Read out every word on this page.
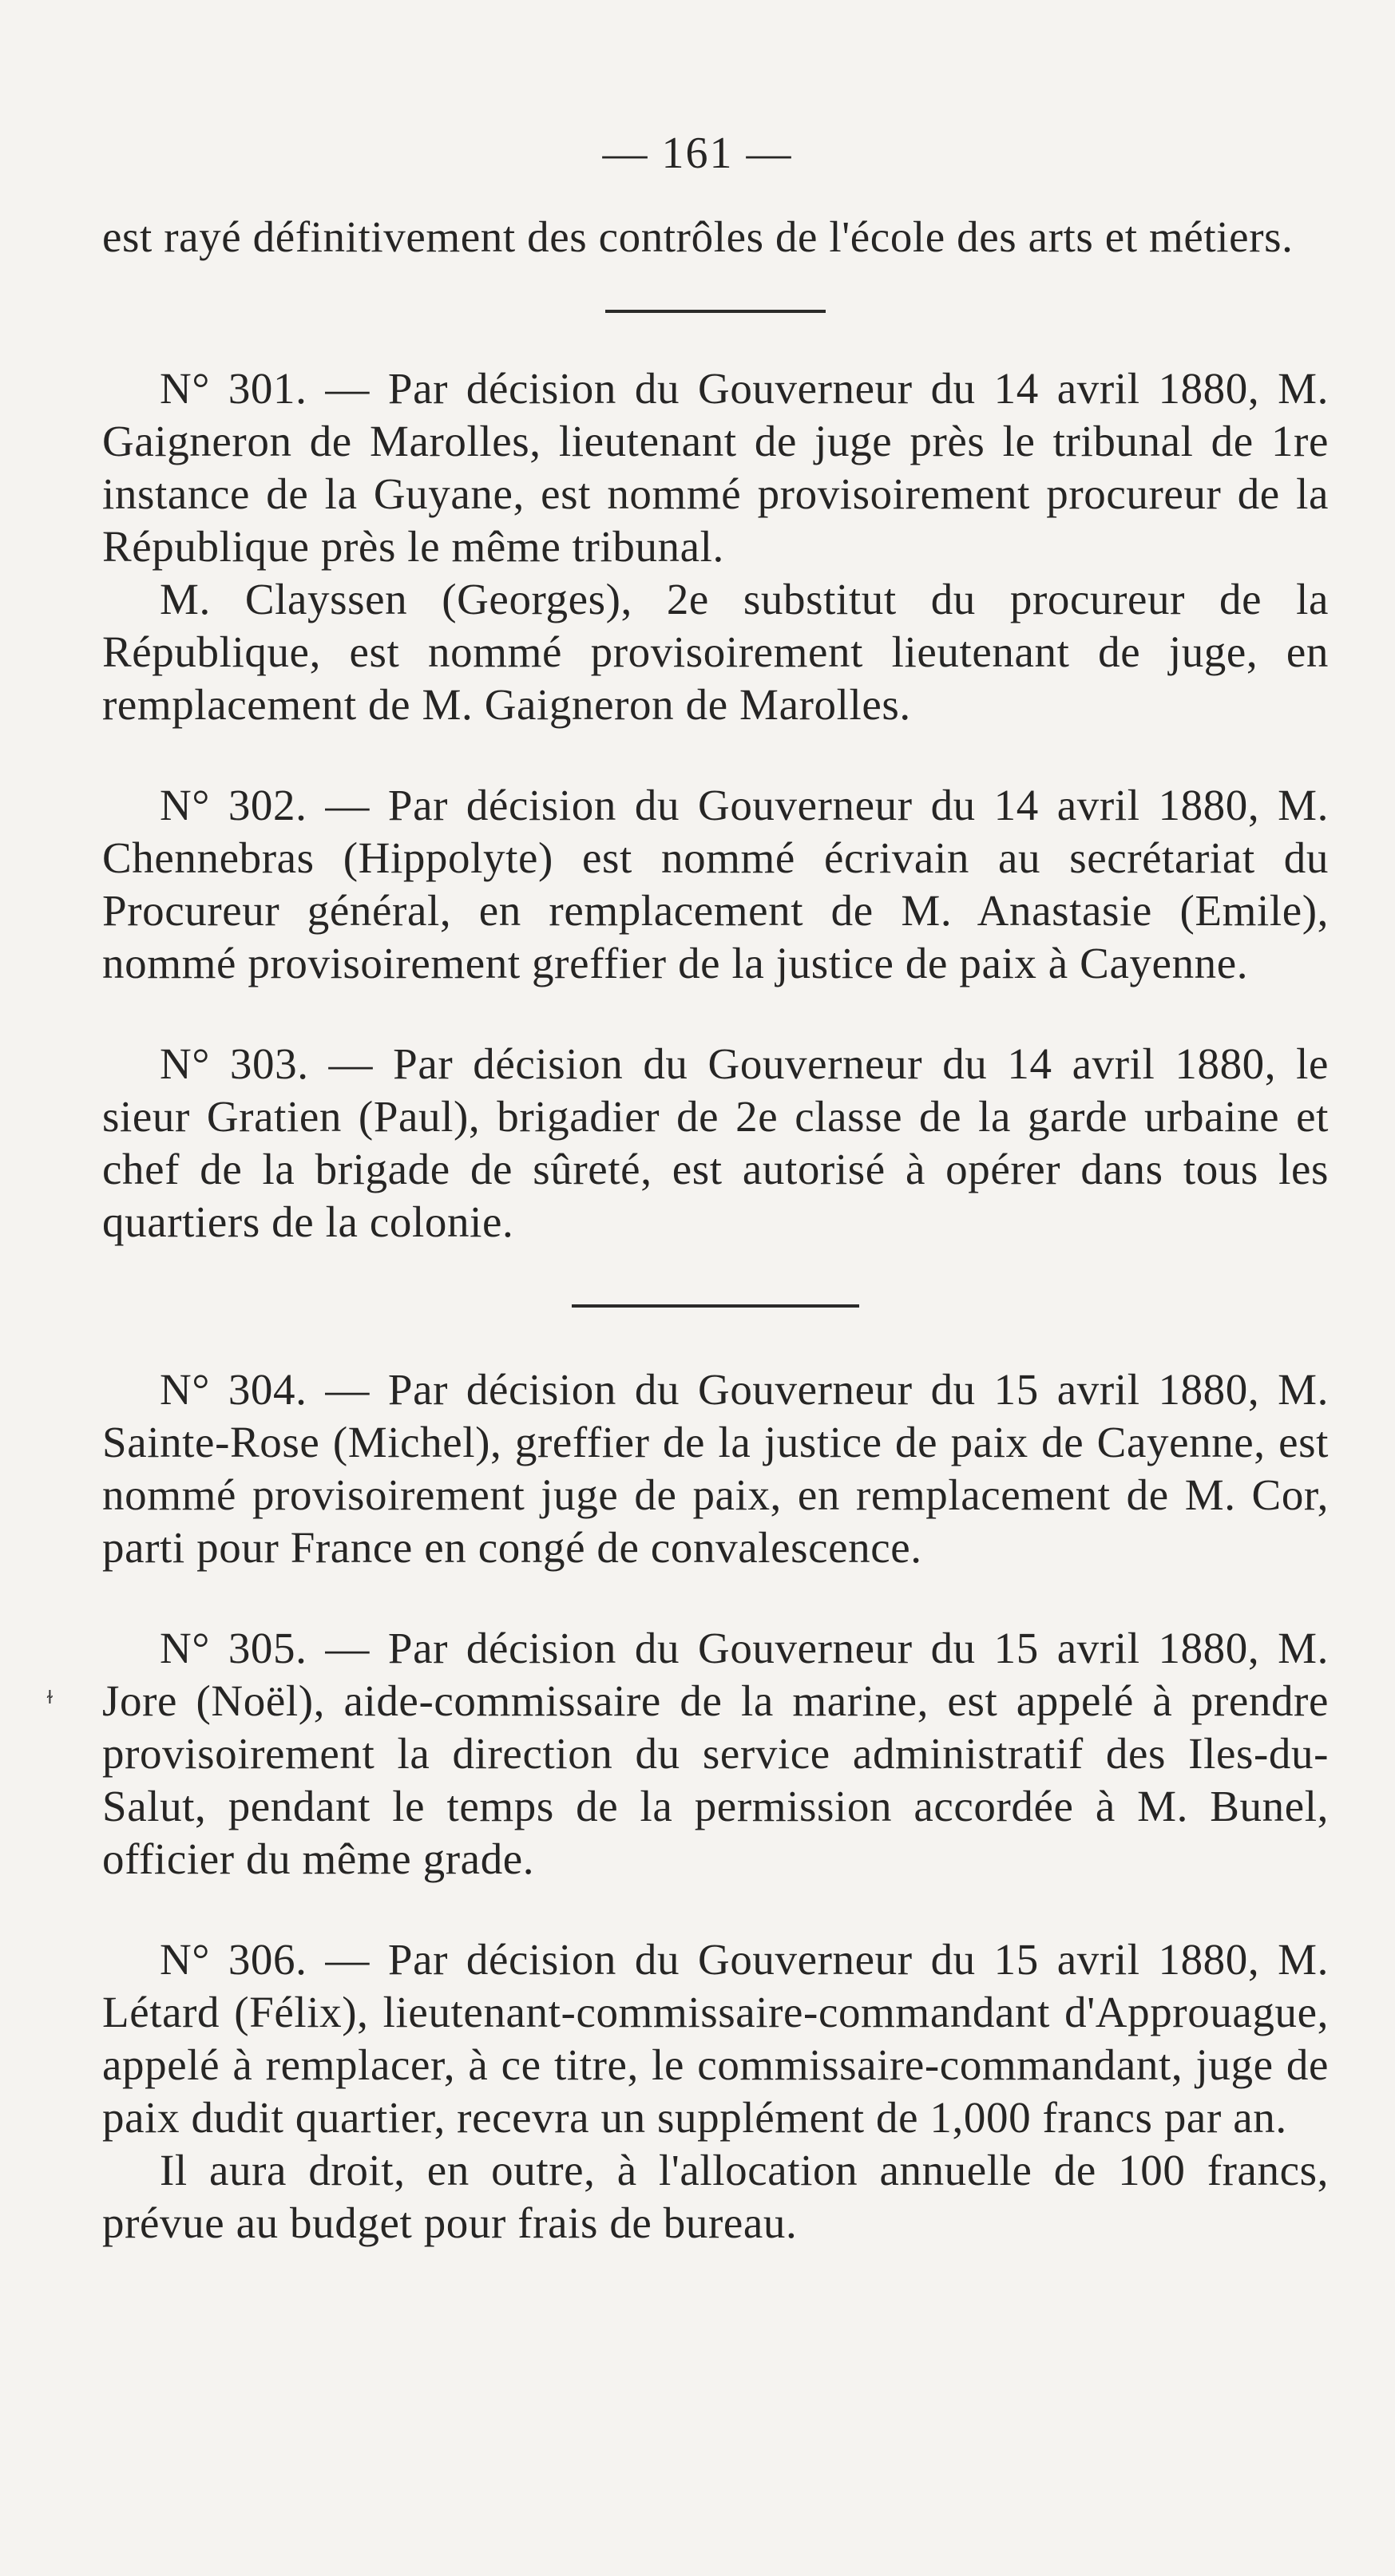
— 161 —
ɫ

est rayé définitivement des contrôles de l'école des arts et métiers.

N° 301. — Par décision du Gouverneur du 14 avril 1880, M. Gaigneron de Marolles, lieutenant de juge près le tribunal de 1re instance de la Guyane, est nommé provisoirement procureur de la République près le même tribunal.

M. Clayssen (Georges), 2e substitut du procureur de la République, est nommé provisoirement lieutenant de juge, en remplacement de M. Gaigneron de Marolles.

N° 302. — Par décision du Gouverneur du 14 avril 1880, M. Chennebras (Hippolyte) est nommé écrivain au secrétariat du Procureur général, en remplacement de M. Anastasie (Emile), nommé provisoirement greffier de la justice de paix à Cayenne.

N° 303. — Par décision du Gouverneur du 14 avril 1880, le sieur Gratien (Paul), brigadier de 2e classe de la garde urbaine et chef de la brigade de sûreté, est autorisé à opérer dans tous les quartiers de la colonie.

N° 304. — Par décision du Gouverneur du 15 avril 1880, M. Sainte-Rose (Michel), greffier de la justice de paix de Cayenne, est nommé provisoirement juge de paix, en remplacement de M. Cor, parti pour France en congé de convalescence.

N° 305. — Par décision du Gouverneur du 15 avril 1880, M. Jore (Noël), aide-commissaire de la marine, est appelé à prendre provisoirement la direction du service administratif des Iles-du-Salut, pendant le temps de la permission accordée à M. Bunel, officier du même grade.

N° 306. — Par décision du Gouverneur du 15 avril 1880, M. Létard (Félix), lieutenant-commissaire-commandant d'Approuague, appelé à remplacer, à ce titre, le commissaire-commandant, juge de paix dudit quartier, recevra un supplément de 1,000 francs par an.

Il aura droit, en outre, à l'allocation annuelle de 100 francs, prévue au budget pour frais de bureau.
